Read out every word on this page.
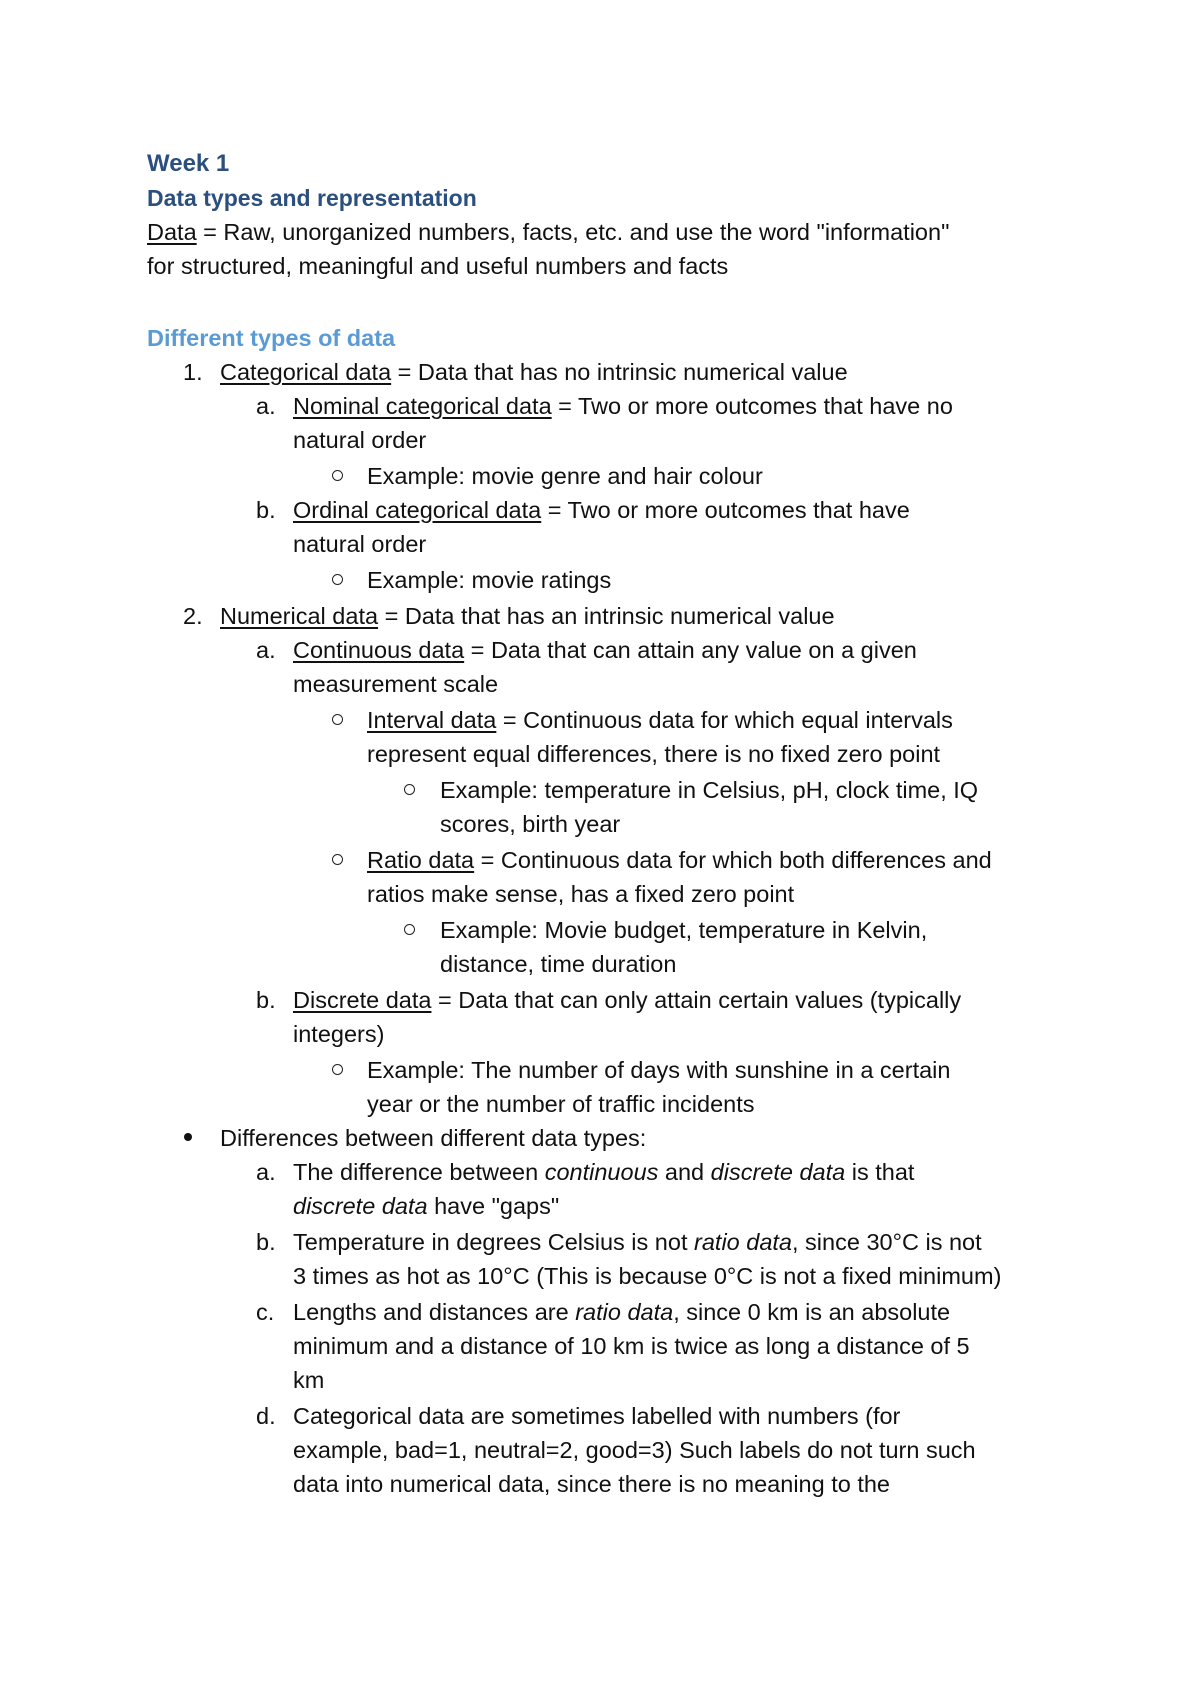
Week 1
Data types and representation
Data = Raw, unorganized numbers, facts, etc. and use the word "information"
for structured, meaningful and useful numbers and facts
Different types of data
1. Categorical data = Data that has no intrinsic numerical value
a. Nominal categorical data = Two or more outcomes that have no
natural order
Example: movie genre and hair colour
b. Ordinal categorical data = Two or more outcomes that have
natural order
Example: movie ratings
2. Numerical data = Data that has an intrinsic numerical value
a. Continuous data = Data that can attain any value on a given
measurement scale
Interval data = Continuous data for which equal intervals
represent equal differences, there is no fixed zero point
Example: temperature in Celsius, pH, clock time, IQ
scores, birth year
Ratio data = Continuous data for which both differences and
ratios make sense, has a fixed zero point
Example: Movie budget, temperature in Kelvin,
distance, time duration
b. Discrete data = Data that can only attain certain values (typically
integers)
Example: The number of days with sunshine in a certain
year or the number of traffic incidents
Differences between different data types:
a. The difference between continuous and discrete data is that
discrete data have "gaps"
b. Temperature in degrees Celsius is not ratio data, since 30°C is not
3 times as hot as 10°C (This is because 0°C is not a fixed minimum)
c. Lengths and distances are ratio data, since 0 km is an absolute
minimum and a distance of 10 km is twice as long a distance of 5
km
d. Categorical data are sometimes labelled with numbers (for
example, bad=1, neutral=2, good=3) Such labels do not turn such
data into numerical data, since there is no meaning to the
